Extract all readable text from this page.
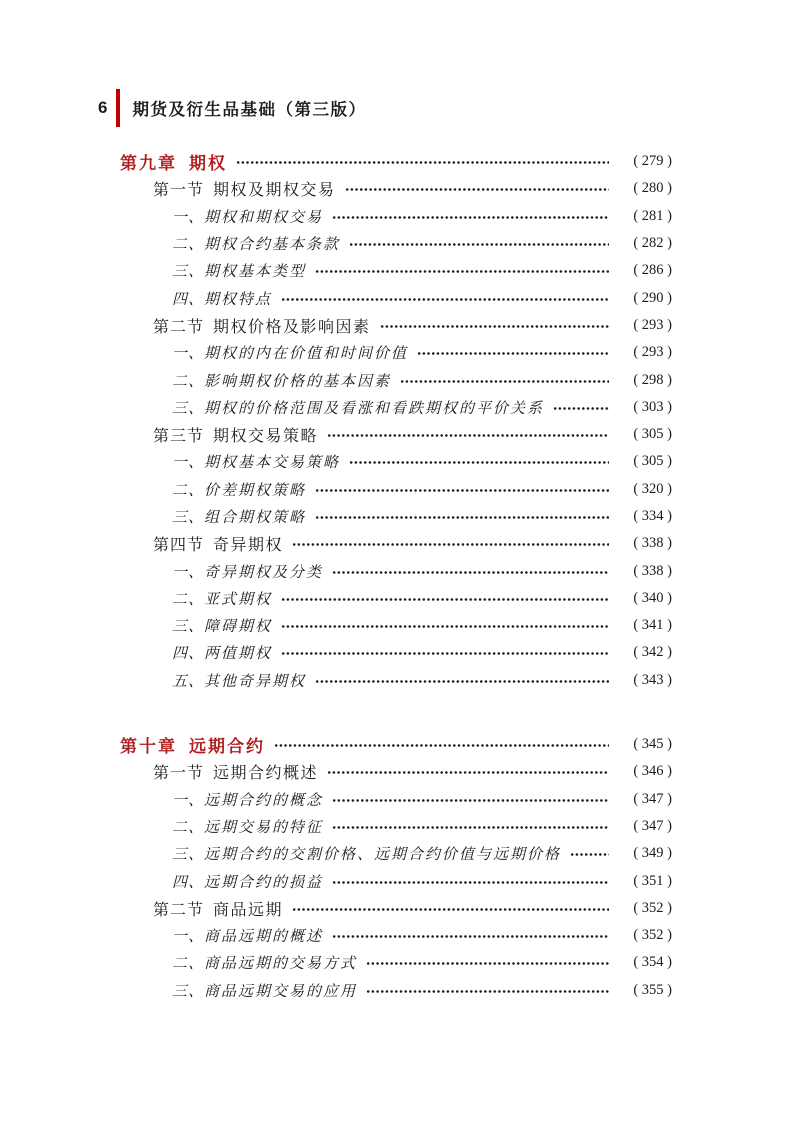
6 期货及衍生品基础（第三版）
第九章 期权	( 279 )
第一节 期权及期权交易	( 280 )
一、 期权和期权交易	( 281 )
二、 期权合约基本条款	( 282 )
三、 期权基本类型	( 286 )
四、 期权特点	( 290 )
第二节 期权价格及影响因素	( 293 )
一、 期权的内在价值和时间价值	( 293 )
二、 影响期权价格的基本因素	( 298 )
三、 期权的价格范围及看涨和看跌期权的平价关系	( 303 )
第三节 期权交易策略	( 305 )
一、 期权基本交易策略	( 305 )
二、 价差期权策略	( 320 )
三、 组合期权策略	( 334 )
第四节 奇异期权	( 338 )
一、 奇异期权及分类	( 338 )
二、 亚式期权	( 340 )
三、 障碍期权	( 341 )
四、 两值期权	( 342 )
五、 其他奇异期权	( 343 )
第十章 远期合约	( 345 )
第一节 远期合约概述	( 346 )
一、 远期合约的概念	( 347 )
二、 远期交易的特征	( 347 )
三、 远期合约的交割价格、远期合约价值与远期价格	( 349 )
四、 远期合约的损益	( 351 )
第二节 商品远期	( 352 )
一、 商品远期的概述	( 352 )
二、 商品远期的交易方式	( 354 )
三、 商品远期交易的应用	( 355 )
